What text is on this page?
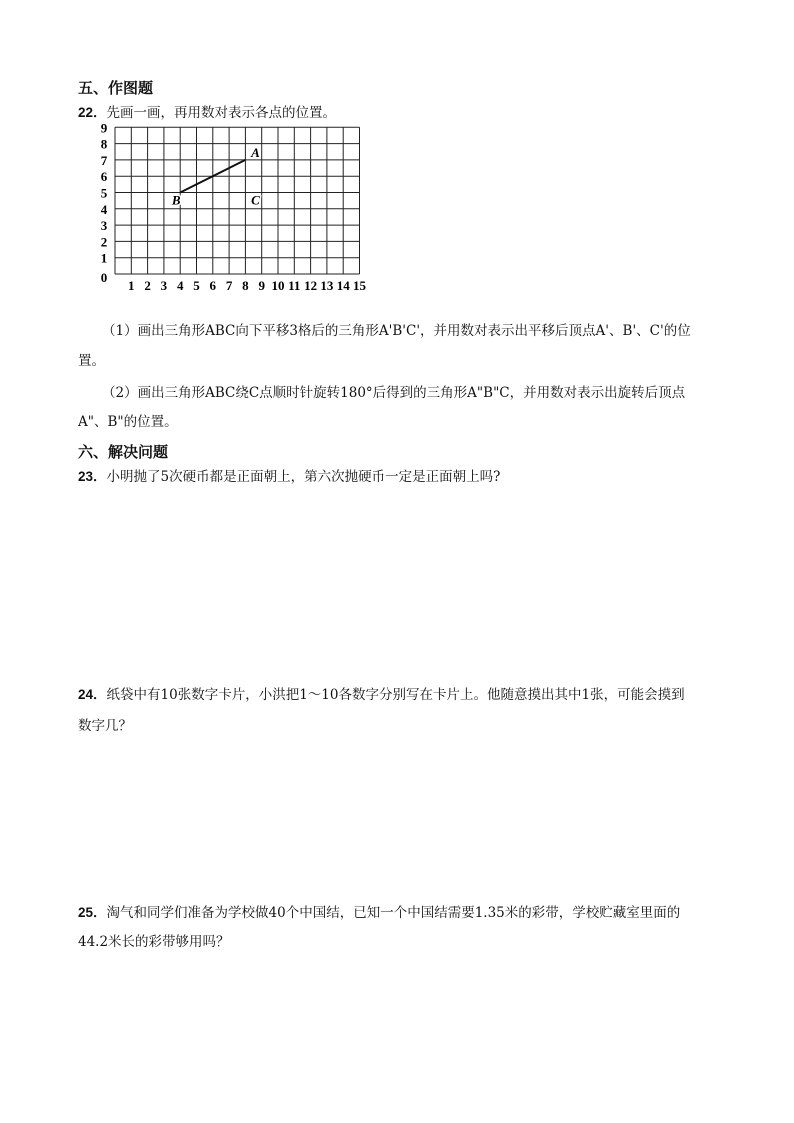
五、作图题
22．先画一画，再用数对表示各点的位置。
1 2 3 4 5 6 7 8 9 10 11 12 13 14 15
0
1
2
3
4
5
6
7
8
9
A
B	C
（1）画出三角形ABC向下平移3格后的三角形A'B'C'，并用数对表示出平移后顶点A'、B'、C'的位
置。
（2）画出三角形ABC绕C点顺时针旋转180°后得到的三角形A"B"C，并用数对表示出旋转后顶点
A"、B"的位置。
六、解决问题
23．小明抛了5次硬币都是正面朝上，第六次抛硬币一定是正面朝上吗?
24．纸袋中有10张数字卡片，小洪把1～10各数字分别写在卡片上。他随意摸出其中1张，可能会摸到
数字几？
25．淘气和同学们准备为学校做40个中国结，已知一个中国结需要1.35米的彩带，学校贮藏室里面的
44.2米长的彩带够用吗？
